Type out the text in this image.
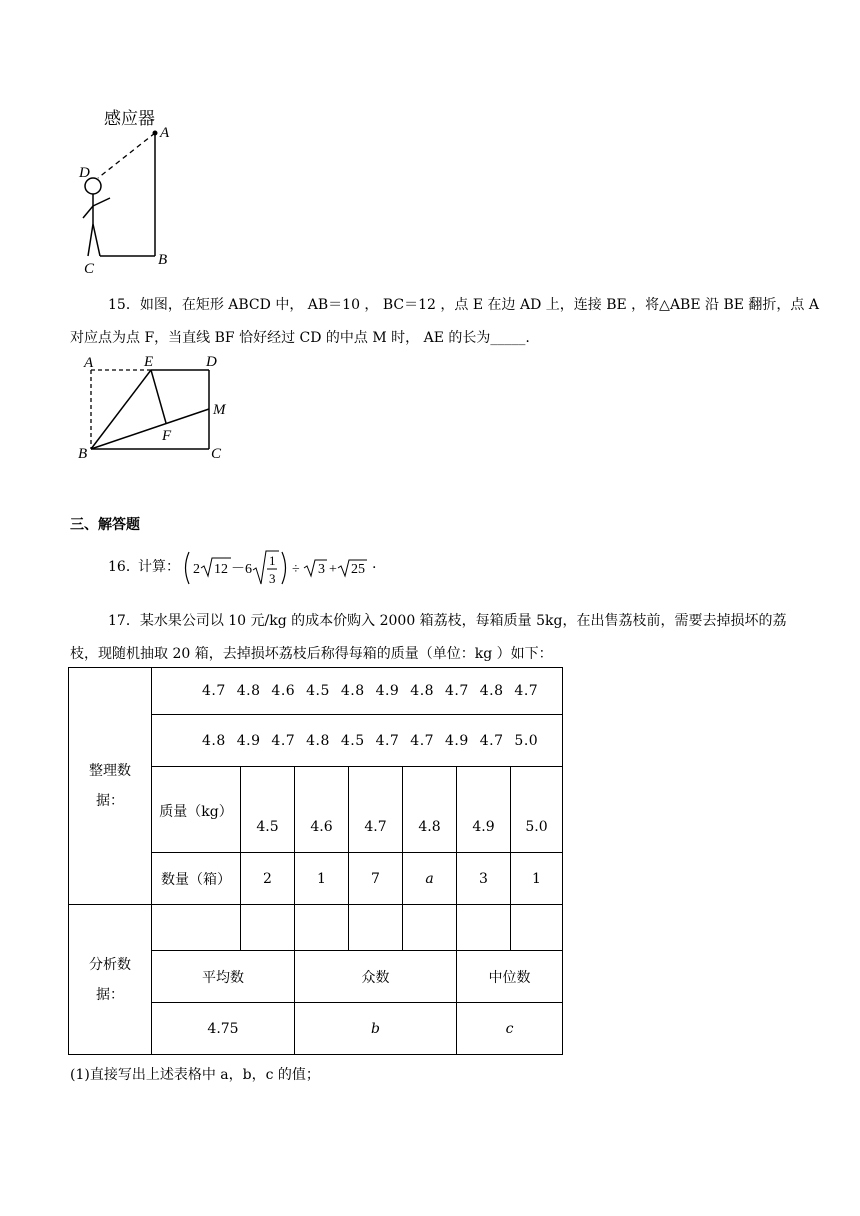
感应器
A
D
C
B
15．如图，在矩形 ABCD 中， AB＝10 ， BC＝12 ，点 E 在边 AD 上，连接 BE ，将△ABE 沿 BE 翻折，点 A
对应点为点 F，当直线 BF 恰好经过 CD 的中点 M 时， AE 的长为_____.
A	E	D
M
F
B	C
三、解答题
16．
计算： 2 12 －6
1
3
÷ 3 + 25 .
17．某水果公司以 10 元/kg 的成本价购入 2000 箱荔枝，每箱质量 5kg，在出售荔枝前，需要去掉损坏的荔
枝，现随机抽取 20 箱，去掉损坏荔枝后称得每箱的质量（单位：kg ）如下：
整理数据：	4.7 4.8 4.6 4.5 4.8 4.9 4.8 4.7 4.8 4.7						
	4.8 4.9 4.7 4.8 4.5 4.7 4.7 4.9 4.7 5.0						
	质量（kg）	4.5	4.6	4.7	4.8	4.9	5.0
	数量（箱）	2	1	7	a	3	1
分析数据：							
	平均数		众数			中位数	
	4.75		b			c	
(1)直接写出上述表格中 a，b，c 的值；
